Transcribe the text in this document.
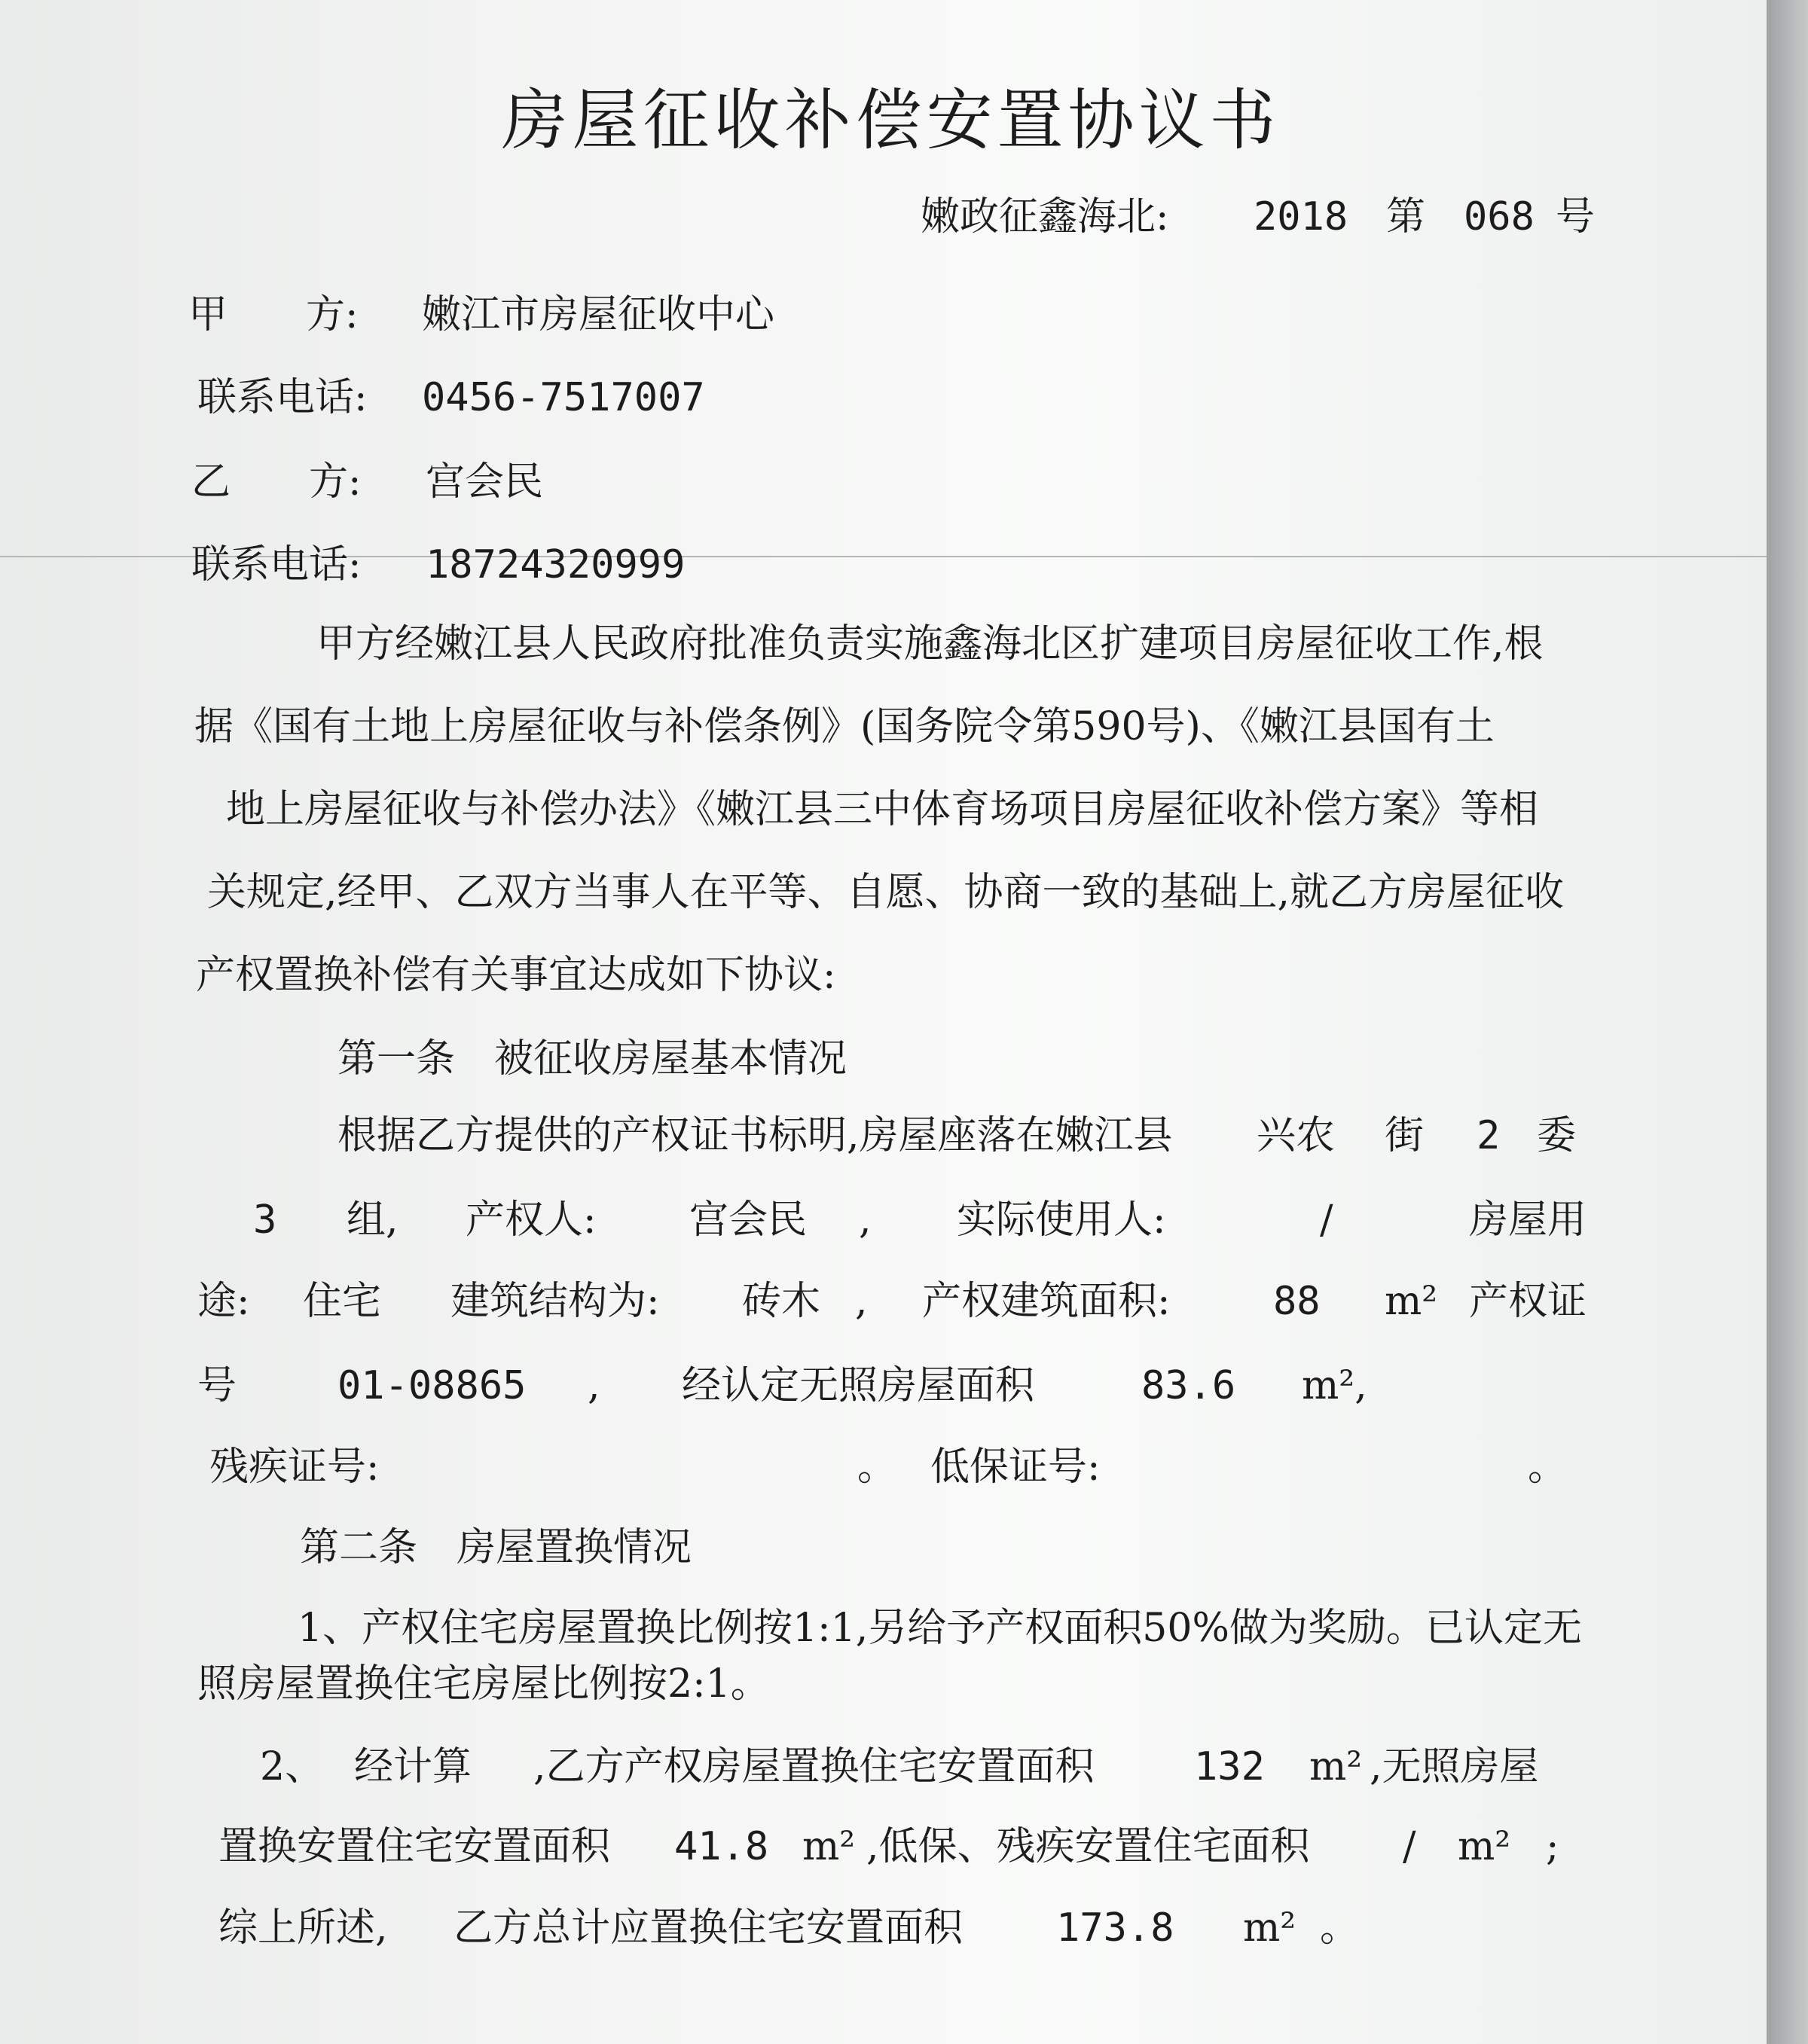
房屋征收补偿安置协议书
嫩政征鑫海北: 2018 第 068 号
甲　　方: 嫩江市房屋征收中心
联系电话: 0456-7517007
乙　　方: 宫会民
联系电话: 18724320999
甲方经嫩江县人民政府批准负责实施鑫海北区扩建项目房屋征收工作,根
据《国有土地上房屋征收与补偿条例》(国务院令第590号)、《嫩江县国有土
地上房屋征收与补偿办法》《嫩江县三中体育场项目房屋征收补偿方案》等相
关规定,经甲、乙双方当事人在平等、自愿、协商一致的基础上,就乙方房屋征收
产权置换补偿有关事宜达成如下协议:
第一条　被征收房屋基本情况
根据乙方提供的产权证书标明,房屋座落在嫩江县 兴农 街 2 委
3 组, 产权人: 宫会民 , 实际使用人:	/	房屋用
途: 住宅 建筑结构为: 砖木 , 产权建筑面积:	88 m² 产权证
号	01-08865 , 经认定无照房屋面积	83.6 m²,
残疾证号:	。 低保证号:	。
第二条　房屋置换情况
1、产权住宅房屋置换比例按1:1,另给予产权面积50%做为奖励。已认定无
照房屋置换住宅房屋比例按2:1。
2、 经计算 ,乙方产权房屋置换住宅安置面积	132 m² ,无照房屋
置换安置住宅安置面积 41.8 m² ,低保、残疾安置住宅面积 / m² ;
综上所述, 乙方总计应置换住宅安置面积 173.8 m² 。
